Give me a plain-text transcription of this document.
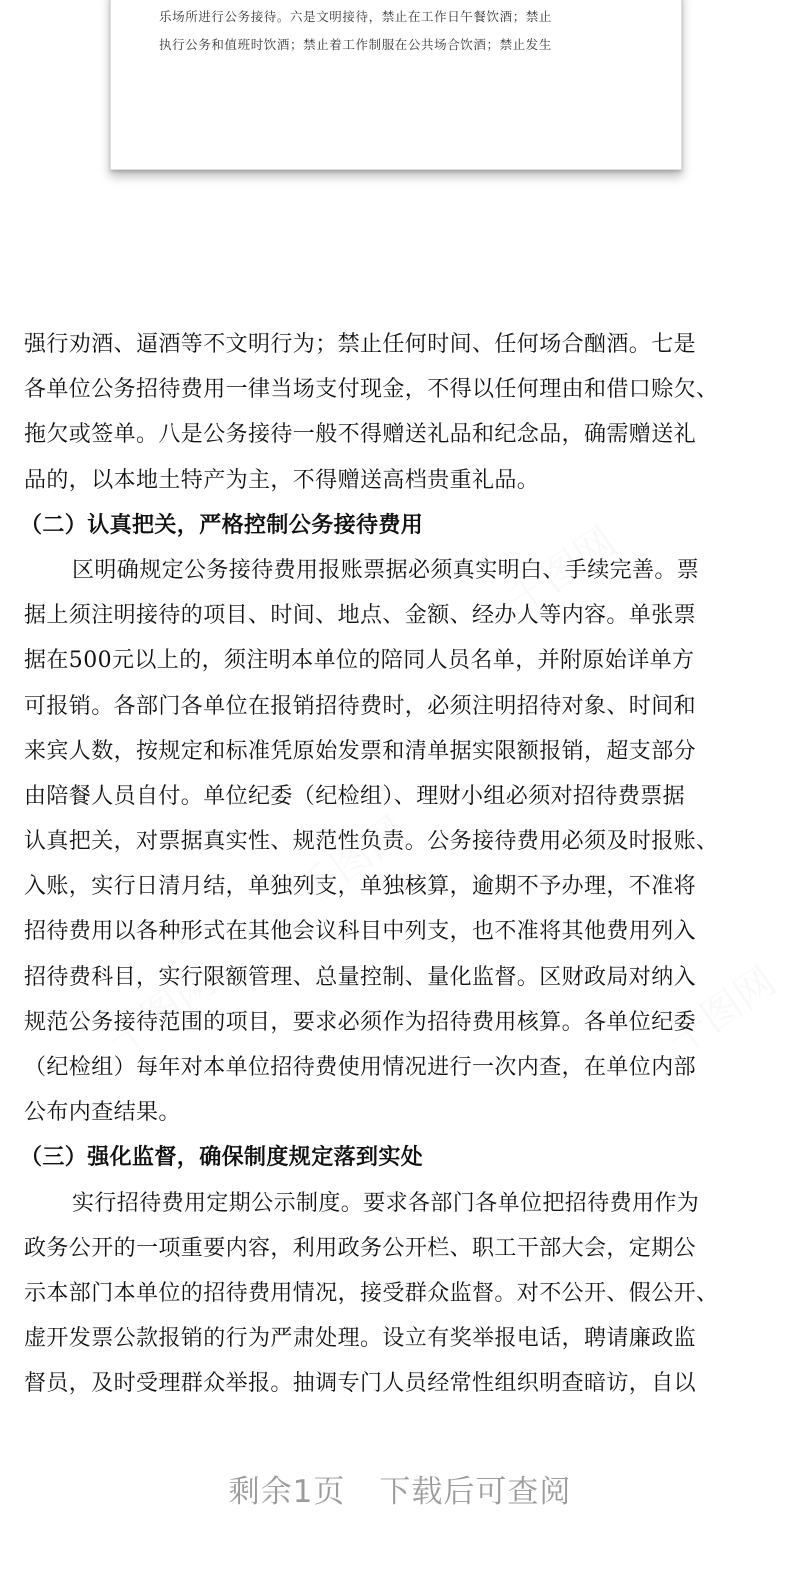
乐场所进行公务接待。六是文明接待，禁止在工作日午餐饮酒；禁止
执行公务和值班时饮酒；禁止着工作制服在公共场合饮酒；禁止发生
千图网
千图网
千图网	千图网
强行劝酒、逼酒等不文明行为；禁止任何时间、任何场合酗酒。七是
各单位公务招待费用一律当场支付现金，不得以任何理由和借口赊欠、
拖欠或签单。八是公务接待一般不得赠送礼品和纪念品，确需赠送礼
品的，以本地土特产为主，不得赠送高档贵重礼品。
（二）认真把关，严格控制公务接待费用
区明确规定公务接待费用报账票据必须真实明白、手续完善。票
据上须注明接待的项目、时间、地点、金额、经办人等内容。单张票
据在500元以上的，须注明本单位的陪同人员名单，并附原始详单方
可报销。各部门各单位在报销招待费时，必须注明招待对象、时间和
来宾人数，按规定和标准凭原始发票和清单据实限额报销，超支部分
由陪餐人员自付。单位纪委（纪检组）、理财小组必须对招待费票据
认真把关，对票据真实性、规范性负责。公务接待费用必须及时报账、
入账，实行日清月结，单独列支，单独核算，逾期不予办理，不准将
招待费用以各种形式在其他会议科目中列支，也不准将其他费用列入
招待费科目，实行限额管理、总量控制、量化监督。区财政局对纳入
规范公务接待范围的项目，要求必须作为招待费用核算。各单位纪委
（纪检组）每年对本单位招待费使用情况进行一次内查，在单位内部
公布内查结果。
（三）强化监督，确保制度规定落到实处
实行招待费用定期公示制度。要求各部门各单位把招待费用作为
政务公开的一项重要内容，利用政务公开栏、职工干部大会，定期公
示本部门本单位的招待费用情况，接受群众监督。对不公开、假公开、
虚开发票公款报销的行为严肃处理。设立有奖举报电话，聘请廉政监
督员，及时受理群众举报。抽调专门人员经常性组织明查暗访，自以
剩余1页 下载后可查阅
